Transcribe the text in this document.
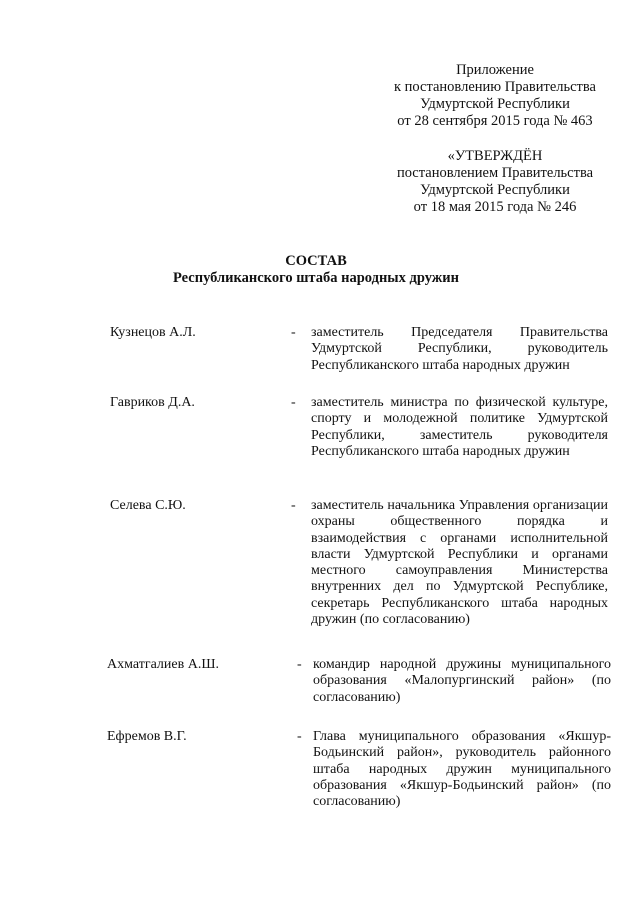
Приложение
к постановлению Правительства
Удмуртской Республики
от 28 сентября 2015 года № 463
«УТВЕРЖДЁН
постановлением Правительства
Удмуртской Республики
от 18 мая 2015 года № 246
СОСТАВ
Республиканского штаба народных дружин
Кузнецов А.Л.	- заместитель Председателя Правительства Удмуртской Республики, руководитель Республиканского штаба народных дружин
Гавриков Д.А.	- заместитель министра по физической культуре, спорту и молодежной политике Удмуртской Республики, заместитель руководителя Республиканского штаба народных дружин
Селева С.Ю.	- заместитель начальника Управления организации охраны общественного порядка и взаимодействия с органами исполнительной власти Удмуртской Республики и органами местного самоуправления Министерства внутренних дел по Удмуртской Республике, секретарь Республиканского штаба народных дружин (по согласованию)
Ахматгалиев А.Ш.	- командир народной дружины муниципального образования «Малопургинский район» (по согласованию)
Ефремов В.Г.	- Глава муниципального образования «Якшур-Бодьинский район», руководитель районного штаба народных дружин муниципального образования «Якшур-Бодьинский район» (по согласованию)
